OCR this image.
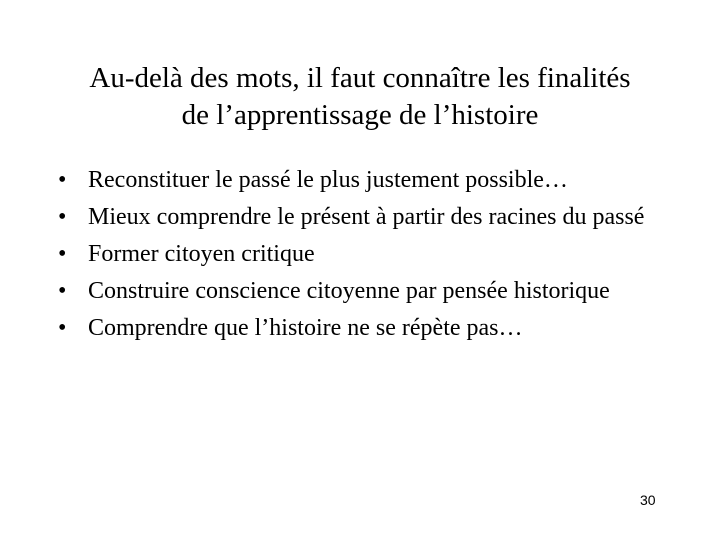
Au-delà des mots, il faut connaître les finalités
de l’apprentissage de l’histoire
• Reconstituer le passé le plus justement possible…
• Mieux comprendre le présent à partir des racines du passé
• Former citoyen critique
• Construire conscience citoyenne par pensée historique
• Comprendre que l’histoire ne se répète pas…
30
